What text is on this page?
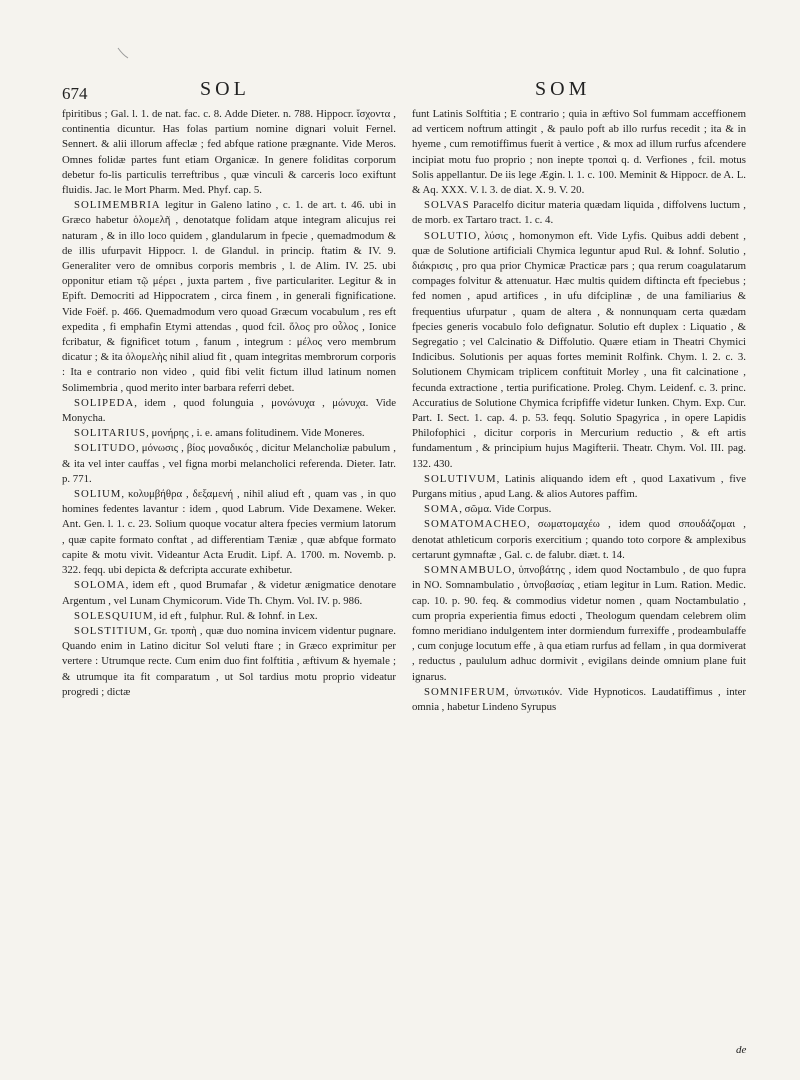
674	SOL	SOM

fpiritibus ; Gal. l. 1. de nat. fac. c. 8. Adde Dieter. n. 788. Hippocr. ἴσχοντα , continentia dicuntur. Has folas partium nomine dignari voluit Fernel. Sennert. & alii illorum affeclæ ; fed abfque ratione prægnante. Vide Meros. Omnes folidæ partes funt etiam Organicæ. In genere foliditas corporum debetur fo-lis particulis terreftribus , quæ vinculi & carceris loco exiftunt fluidis. Jac. le Mort Pharm. Med. Phyf. cap. 5.

SOLIMEMBRIA legitur in Galeno latino , c. 1. de art. t. 46. ubi in Græco habetur ὁλομελῆ , denotatque folidam atque integram alicujus rei naturam , & in illo loco quidem , glandularum in fpecie , quemadmodum & de illis ufurpavit Hippocr. l. de Glandul. in princip. ftatim & IV. 9. Generaliter vero de omnibus corporis membris , l. de Alim. IV. 25. ubi opponitur etiam τῷ μέρει , juxta partem , five particulariter. Legitur & in Epift. Democriti ad Hippocratem , circa finem , in generali fignificatione. Vide Foëf. p. 466. Quemadmodum vero quoad Græcum vocabulum , res eft expedita , fi emphafin Etymi attendas , quod fcil. ὅλος pro οὖλος , Ionice fcribatur, & fignificet totum , fanum , integrum : μέλος vero membrum dicatur ; & ita ὁλομελὴς nihil aliud fit , quam integritas membrorum corporis : Ita e contrario non video , quid fibi velit fictum illud latinum nomen Solimembria , quod merito inter barbara referri debet.

SOLIPEDA, idem , quod folunguia , μονώνυχα , μώνυχα. Vide Monycha.

SOLITARIUS, μονήρης , i. e. amans folitudinem. Vide Moneres.

SOLITUDO, μόνωσις , βίος μοναδικός , dicitur Melancholiæ pabulum , & ita vel inter cauffas , vel figna morbi melancholici referenda. Dieter. Iatr. p. 771.

SOLIUM, κολυμβήθρα , δεξαμενή , nihil aliud eft , quam vas , in quo homines fedentes lavantur : idem , quod Labrum. Vide Dexamene. Weker. Ant. Gen. l. 1. c. 23. Solium quoque vocatur altera fpecies vermium latorum , quæ capite formato conftat , ad differentiam Tæniæ , quæ abfque formato capite & motu vivit. Videantur Acta Erudit. Lipf. A. 1700. m. Novemb. p. 322. feqq. ubi depicta & defcripta accurate exhibetur.

SOLOMA, idem eft , quod Brumafar , & videtur ænigmatice denotare Argentum , vel Lunam Chymicorum. Vide Th. Chym. Vol. IV. p. 986.

SOLESQUIUM, id eft , fulphur. Rul. & Iohnf. in Lex.

SOLSTITIUM, Gr. τροπὴ , quæ duo nomina invicem videntur pugnare. Quando enim in Latino dicitur Sol veluti ftare ; in Græco exprimitur per vertere : Utrumque recte. Cum enim duo fint folftitia , æftivum & hyemale ; & utrumque ita fit comparatum , ut Sol tardius motu proprio videatur progredi ; dictæ

funt Latinis Solftitia ; E contrario ; quia in æftivo Sol fummam acceffionem ad verticem noftrum attingit , & paulo poft ab illo rurfus recedit ; ita & in hyeme , cum remotiffimus fuerit à vertice , & mox ad illum rurfus afcendere incipiat motu fuo proprio ; non inepte τροπαὶ q. d. Verfiones , fcil. motus Solis appellantur. De iis lege Ægin. l. 1. c. 100. Meminit & Hippocr. de A. L. & Aq. XXX. V. l. 3. de diat. X. 9. V. 20.

SOLVAS Paracelfo dicitur materia quædam liquida , diffolvens luctum , de morb. ex Tartaro tract. 1. c. 4.

SOLUTIO, λύσις , homonymon eft. Vide Lyfis. Quibus addi debent , quæ de Solutione artificiali Chymica leguntur apud Rul. & Iohnf. Solutio , διάκρισις , pro qua prior Chymicæ Practicæ pars ; qua rerum coagulatarum compages folvitur & attenuatur. Hæc multis quidem diftincta eft fpeciebus ; fed nomen , apud artifices , in ufu difciplinæ , de una familiarius & frequentius ufurpatur , quam de altera , & nonnunquam certa quædam fpecies generis vocabulo folo defignatur. Solutio eft duplex : Liquatio , & Segregatio ; vel Calcinatio & Diffolutio. Quære etiam in Theatri Chymici Indicibus. Solutionis per aquas fortes meminit Rolfink. Chym. l. 2. c. 3. Solutionem Chymicam triplicem conftituit Morley , una fit calcinatione , fecunda extractione , tertia purificatione. Proleg. Chym. Leidenf. c. 3. princ. Accuratius de Solutione Chymica fcripfiffe videtur Iunken. Chym. Exp. Cur. Part. I. Sect. 1. cap. 4. p. 53. feqq. Solutio Spagyrica , in opere Lapidis Philofophici , dicitur corporis in Mercurium reductio , & eft artis fundamentum , & principium hujus Magifterii. Theatr. Chym. Vol. III. pag. 132. 430.

SOLUTIVUM, Latinis aliquando idem eft , quod Laxativum , five Purgans mitius , apud Lang. & alios Autores paffim.

SOMA, σῶμα. Vide Corpus.

SOMATOMACHEO, σωματομαχέω , idem quod σπουδάζομαι , denotat athleticum corporis exercitium ; quando toto corpore & amplexibus certarunt gymnaftæ , Gal. c. de falubr. diæt. t. 14.

SOMNAMBULO, ὑπνοβάτης , idem quod Noctambulo , de quo fupra in NO. Somnambulatio , ὑπνοβασίας , etiam legitur in Lum. Ration. Medic. cap. 10. p. 90. feq. & commodius videtur nomen , quam Noctambulatio , cum propria experientia fimus edocti , Theologum quendam celebrem olim fomno meridiano indulgentem inter dormiendum furrexiffe , prodeambulaffe , cum conjuge locutum effe , à qua etiam rurfus ad fellam , in qua dormiverat , reductus , paululum adhuc dormivit , evigilans deinde omnium plane fuit ignarus.

SOMNIFERUM, ὑπνωτικόν. Vide Hypnoticos. Laudatiffimus , inter omnia , habetur Lindeno Syrupus

de
